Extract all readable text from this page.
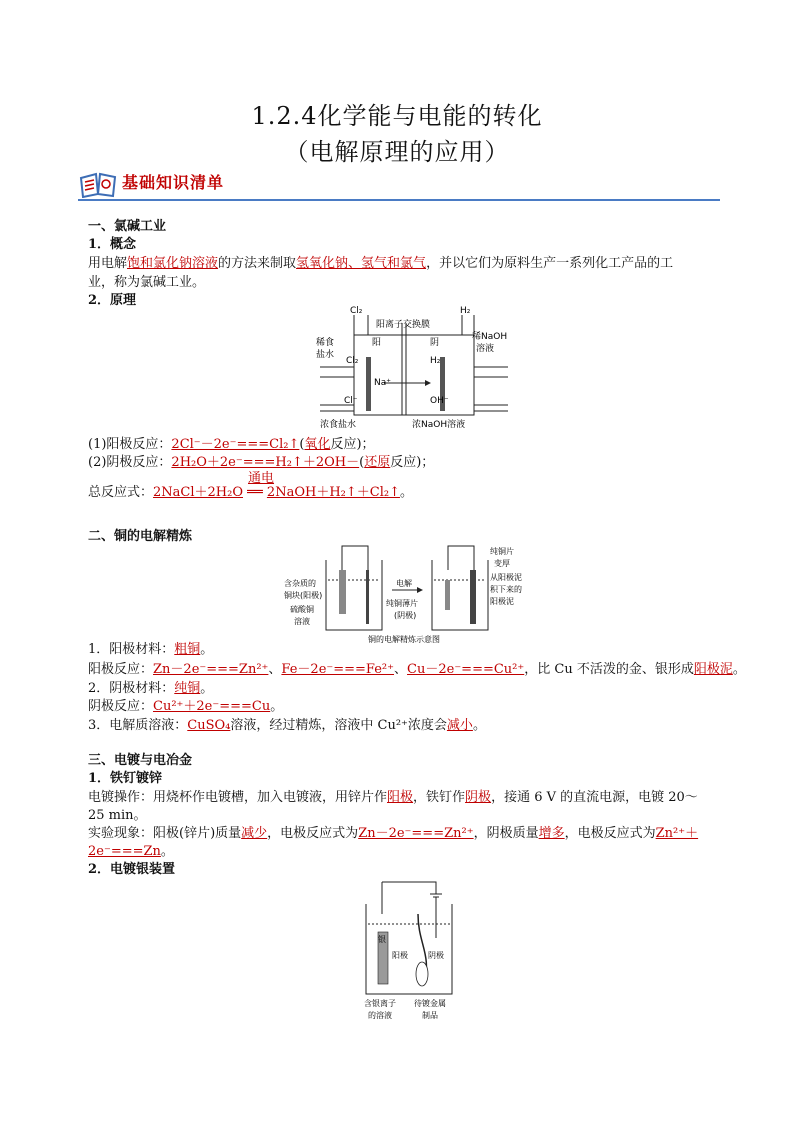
1.2.4化学能与电能的转化
（电解原理的应用）
基础知识清单
一、氯碱工业
1．概念
用电解饱和氯化钠溶液的方法来制取氢氧化钠、氢气和氯气，并以它们为原料生产一系列化工产品的工
业，称为氯碱工业。
2．原理
Cl₂	H₂
阳离子交换膜
阳	阴
稀食
盐水
Cl₂	H₂
稀NaOH
溶液
Na⁺
Cl⁻	OH⁻
浓食盐水	浓NaOH溶液
(1)阳极反应：2Cl⁻－2e⁻===Cl₂↑(氧化反应)；
(2)阴极反应：2H₂O＋2e⁻===H₂↑＋2OH－(还原反应)；
通电
总反应式：2NaCl＋2H₂O ══ 2NaOH＋H₂↑＋Cl₂↑。
二、铜的电解精炼
含杂质的
铜块(阳极)
硫酸铜
溶液
电解
纯铜薄片
(阴极)
纯铜片
变厚
从阳极泥
积下来的
阳极泥
铜的电解精炼示意图
1．阳极材料：粗铜。
阳极反应：Zn－2e⁻===Zn²⁺、Fe－2e⁻===Fe²⁺、Cu－2e⁻===Cu²⁺，比 Cu 不活泼的金、银形成阳极泥。
2．阴极材料：纯铜。
阴极反应：Cu²⁺＋2e⁻===Cu。
3．电解质溶液：CuSO₄溶液，经过精炼，溶液中 Cu²⁺浓度会减小。
三、电镀与电冶金
1．铁钉镀锌
电镀操作：用烧杯作电镀槽，加入电镀液，用锌片作阳极，铁钉作阴极，接通 6 V 的直流电源，电镀 20～
25 min。
实验现象：阳极(锌片)质量减少，电极反应式为Zn－2e⁻===Zn²⁺，阴极质量增多，电极反应式为Zn²⁺＋
2e⁻===Zn。
2．电镀银装置
银
阳极	阴极
含银离子
的溶液
待镀金属
制品
